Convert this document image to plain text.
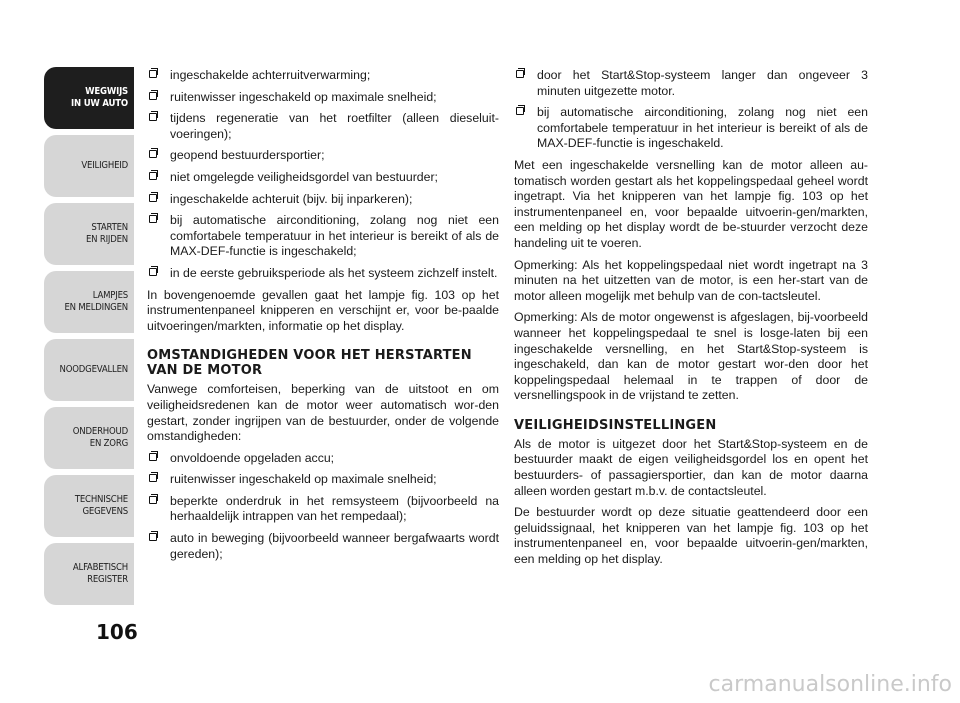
WEGWIJS
IN UW AUTO
VEILIGHEID
STARTEN
EN RIJDEN
LAMPJES
EN MELDINGEN
NOODGEVALLEN
ONDERHOUD
EN ZORG
TECHNISCHE
GEGEVENS
ALFABETISCH
REGISTER
106
ingeschakelde achterruitverwarming;
ruitenwisser ingeschakeld op maximale snelheid;
tijdens regeneratie van het roetfilter (alleen dieseluit-voeringen);
geopend bestuurdersportier;
niet omgelegde veiligheidsgordel van bestuurder;
ingeschakelde achteruit (bijv. bij inparkeren);
bij automatische airconditioning, zolang nog niet een comfortabele temperatuur in het interieur is bereikt of als de MAX-DEF-functie is ingeschakeld;
in de eerste gebruiksperiode als het systeem zichzelf instelt.

In bovengenoemde gevallen gaat het lampje fig. 103 op het instrumentenpaneel knipperen en verschijnt er, voor be-paalde uitvoeringen/markten, informatie op het display.

OMSTANDIGHEDEN VOOR HET HERSTARTEN VAN DE MOTOR

Vanwege comforteisen, beperking van de uitstoot en om veiligheidsredenen kan de motor weer automatisch wor-den gestart, zonder ingrijpen van de bestuurder, onder de volgende omstandigheden:

onvoldoende opgeladen accu;
ruitenwisser ingeschakeld op maximale snelheid;
beperkte onderdruk in het remsysteem (bijvoorbeeld na herhaaldelijk intrappen van het rempedaal);
auto in beweging (bijvoorbeeld wanneer bergafwaarts wordt gereden);
door het Start&Stop-systeem langer dan ongeveer 3 minuten uitgezette motor.
bij automatische airconditioning, zolang nog niet een comfortabele temperatuur in het interieur is bereikt of als de MAX-DEF-functie is ingeschakeld.

Met een ingeschakelde versnelling kan de motor alleen au-tomatisch worden gestart als het koppelingspedaal geheel wordt ingetrapt. Via het knipperen van het lampje fig. 103 op het instrumentenpaneel en, voor bepaalde uitvoerin-gen/markten, een melding op het display wordt de be-stuurder verzocht deze handeling uit te voeren.

Opmerking: Als het koppelingspedaal niet wordt ingetrapt na 3 minuten na het uitzetten van de motor, is een her-start van de motor alleen mogelijk met behulp van de con-tactsleutel.

Opmerking: Als de motor ongewenst is afgeslagen, bij-voorbeeld wanneer het koppelingspedaal te snel is losge-laten bij een ingeschakelde versnelling, en het Start&Stop-systeem is ingeschakeld, dan kan de motor gestart wor-den door het koppelingspedaal helemaal in te trappen of door de versnellingspook in de vrijstand te zetten.

VEILIGHEIDSINSTELLINGEN

Als de motor is uitgezet door het Start&Stop-systeem en de bestuurder maakt de eigen veiligheidsgordel los en opent het bestuurders- of passagiersportier, dan kan de motor daarna alleen worden gestart m.b.v. de contactsleutel.

De bestuurder wordt op deze situatie geattendeerd door een geluidssignaal, het knipperen van het lampje fig. 103 op het instrumentenpaneel en, voor bepaalde uitvoerin-gen/markten, een melding op het display.

carmanualsonline.info
